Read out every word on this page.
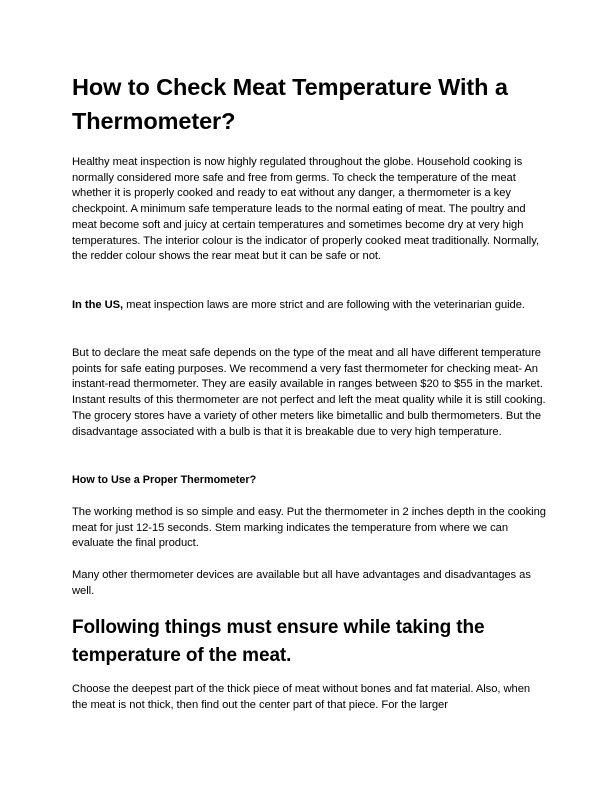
How to Check Meat Temperature With a Thermometer?

Healthy meat inspection is now highly regulated throughout the globe. Household cooking is normally considered more safe and free from germs. To check the temperature of the meat whether it is properly cooked and ready to eat without any danger, a thermometer is a key checkpoint. A minimum safe temperature leads to the normal eating of meat. The poultry and meat become soft and juicy at certain temperatures and sometimes become dry at very high temperatures. The interior colour is the indicator of properly cooked meat traditionally. Normally, the redder colour shows the rear meat but it can be safe or not.

In the US, meat inspection laws are more strict and are following with the veterinarian guide.

But to declare the meat safe depends on the type of the meat and all have different temperature points for safe eating purposes. We recommend a very fast thermometer for checking meat- An instant-read thermometer. They are easily available in ranges between $20 to $55 in the market. Instant results of this thermometer are not perfect and left the meat quality while it is still cooking. The grocery stores have a variety of other meters like bimetallic and bulb thermometers. But the disadvantage associated with a bulb is that it is breakable due to very high temperature.

How to Use a Proper Thermometer?

The working method is so simple and easy. Put the thermometer in 2 inches depth in the cooking meat for just 12-15 seconds. Stem marking indicates the temperature from where we can evaluate the final product.

Many other thermometer devices are available but all have advantages and disadvantages as well.

Following things must ensure while taking the temperature of the meat.

Choose the deepest part of the thick piece of meat without bones and fat material. Also, when the meat is not thick, then find out the center part of that piece. For the larger
